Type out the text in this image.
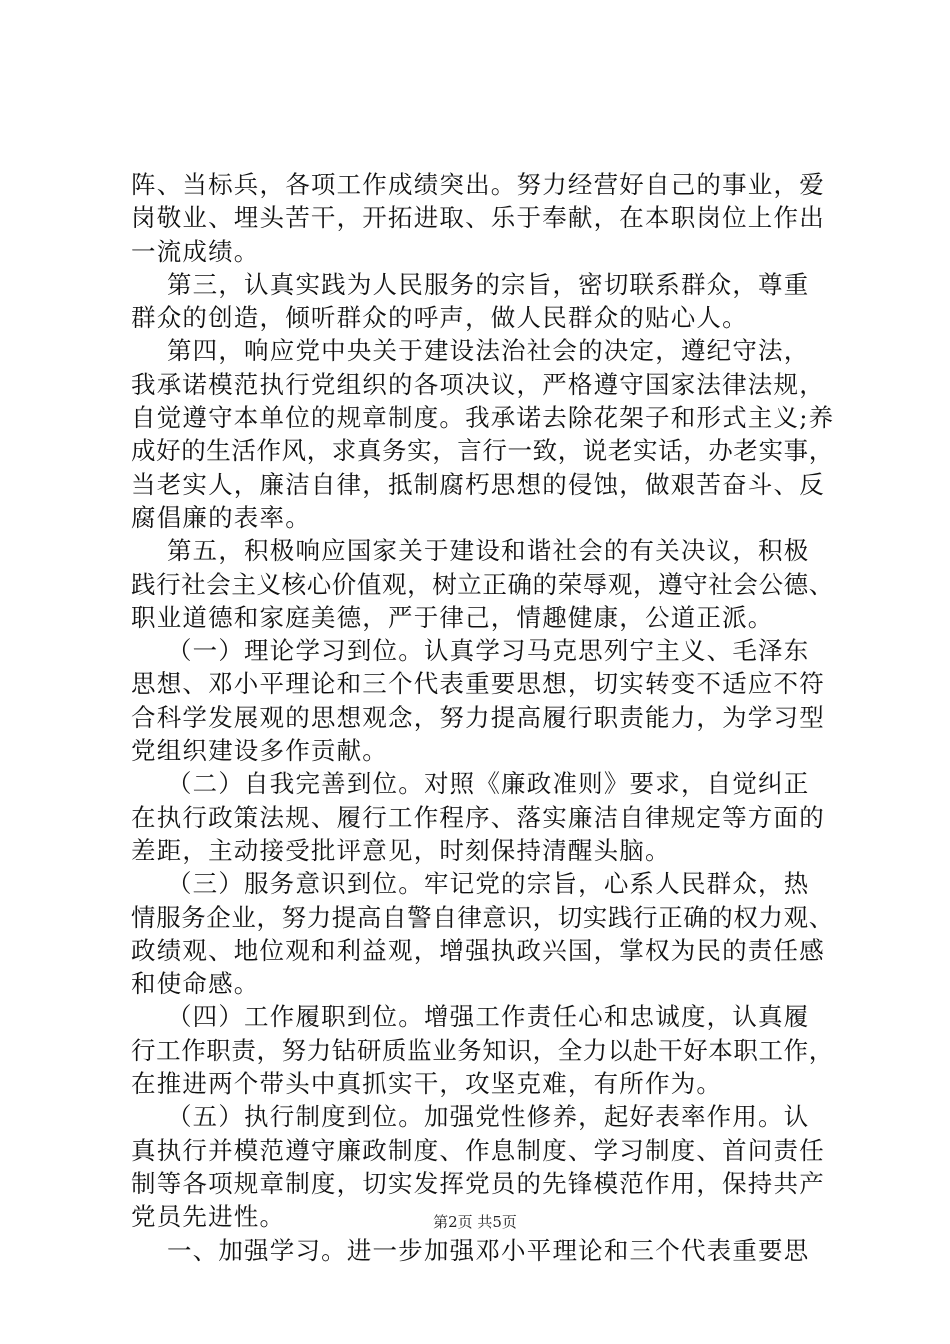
阵、当标兵，各项工作成绩突出。努力经营好自己的事业，爱
岗敬业、埋头苦干，开拓进取、乐于奉献，在本职岗位上作出
一流成绩。
第三，认真实践为人民服务的宗旨，密切联系群众，尊重
群众的创造，倾听群众的呼声，做人民群众的贴心人。
第四，响应党中央关于建设法治社会的决定，遵纪守法，
我承诺模范执行党组织的各项决议，严格遵守国家法律法规，
自觉遵守本单位的规章制度。我承诺去除花架子和形式主义;养
成好的生活作风，求真务实，言行一致，说老实话，办老实事，
当老实人，廉洁自律，抵制腐朽思想的侵蚀，做艰苦奋斗、反
腐倡廉的表率。
第五，积极响应国家关于建设和谐社会的有关决议，积极
践行社会主义核心价值观，树立正确的荣辱观，遵守社会公德、
职业道德和家庭美德，严于律己，情趣健康，公道正派。
（一）理论学习到位。认真学习马克思列宁主义、毛泽东
思想、邓小平理论和三个代表重要思想，切实转变不适应不符
合科学发展观的思想观念，努力提高履行职责能力，为学习型
党组织建设多作贡献。
（二）自我完善到位。对照《廉政准则》要求，自觉纠正
在执行政策法规、履行工作程序、落实廉洁自律规定等方面的
差距，主动接受批评意见，时刻保持清醒头脑。
（三）服务意识到位。牢记党的宗旨，心系人民群众，热
情服务企业，努力提高自警自律意识，切实践行正确的权力观、
政绩观、地位观和利益观，增强执政兴国，掌权为民的责任感
和使命感。
（四）工作履职到位。增强工作责任心和忠诚度，认真履
行工作职责，努力钻研质监业务知识，全力以赴干好本职工作，
在推进两个带头中真抓实干，攻坚克难，有所作为。
（五）执行制度到位。加强党性修养，起好表率作用。认
真执行并模范遵守廉政制度、作息制度、学习制度、首问责任
制等各项规章制度，切实发挥党员的先锋模范作用，保持共产
党员先进性。
一、加强学习。进一步加强邓小平理论和三个代表重要思
第2页 共5页
